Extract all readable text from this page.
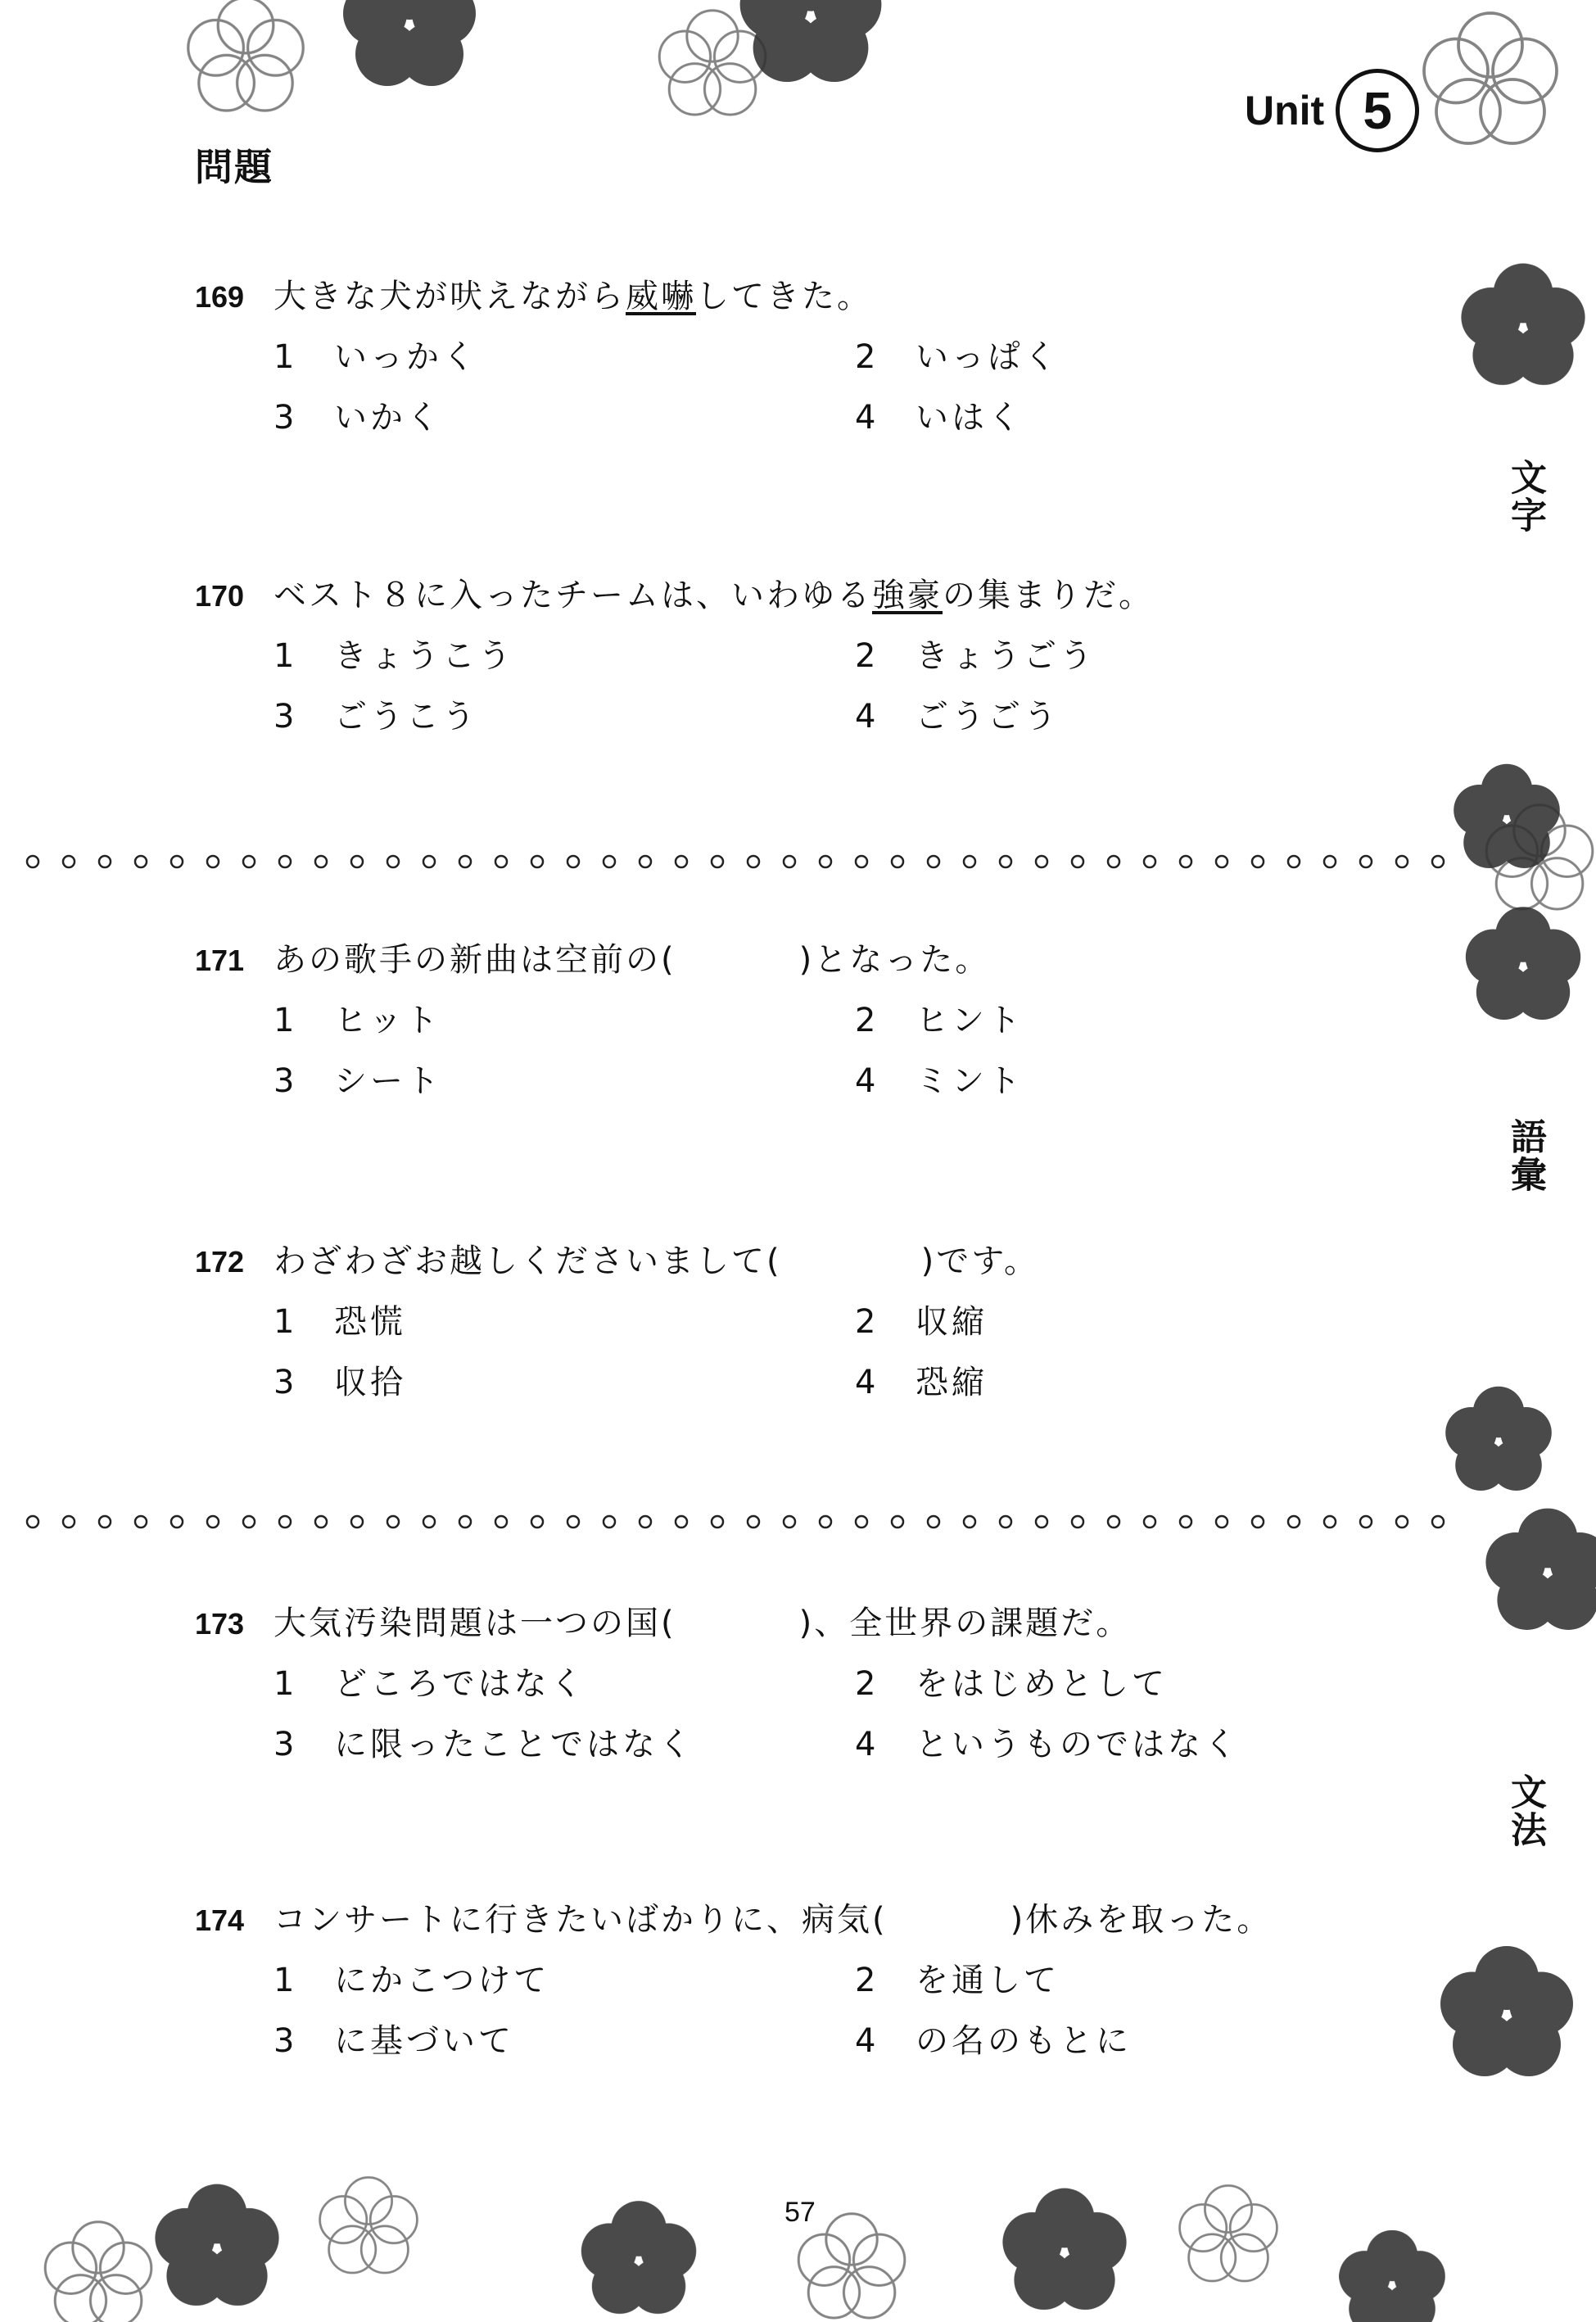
Unit 5
問題
文字
語彙
文法
169 大きな犬が吠えながら威嚇してきた。
1	いっかく	2	いっぱく
3	いかく	4	いはく
170 ベスト８に入ったチームは、いわゆる強豪の集まりだ。
1	きょうこう	2	きょうごう
3	ごうこう	4	ごうごう
171 あの歌手の新曲は空前の(	)となった。
1	ヒット	2	ヒント
3	シート	4	ミント
172 わざわざお越しくださいまして(	)です。
1	恐慌	2	収縮
3	収拾	4	恐縮
173 大気汚染問題は一つの国(	)、全世界の課題だ。
1	どころではなく	2	をはじめとして
3	に限ったことではなく	4	というものではなく
174 コンサートに行きたいばかりに、病気(	)休みを取った。
1	にかこつけて	2	を通して
3	に基づいて	4	の名のもとに
57
